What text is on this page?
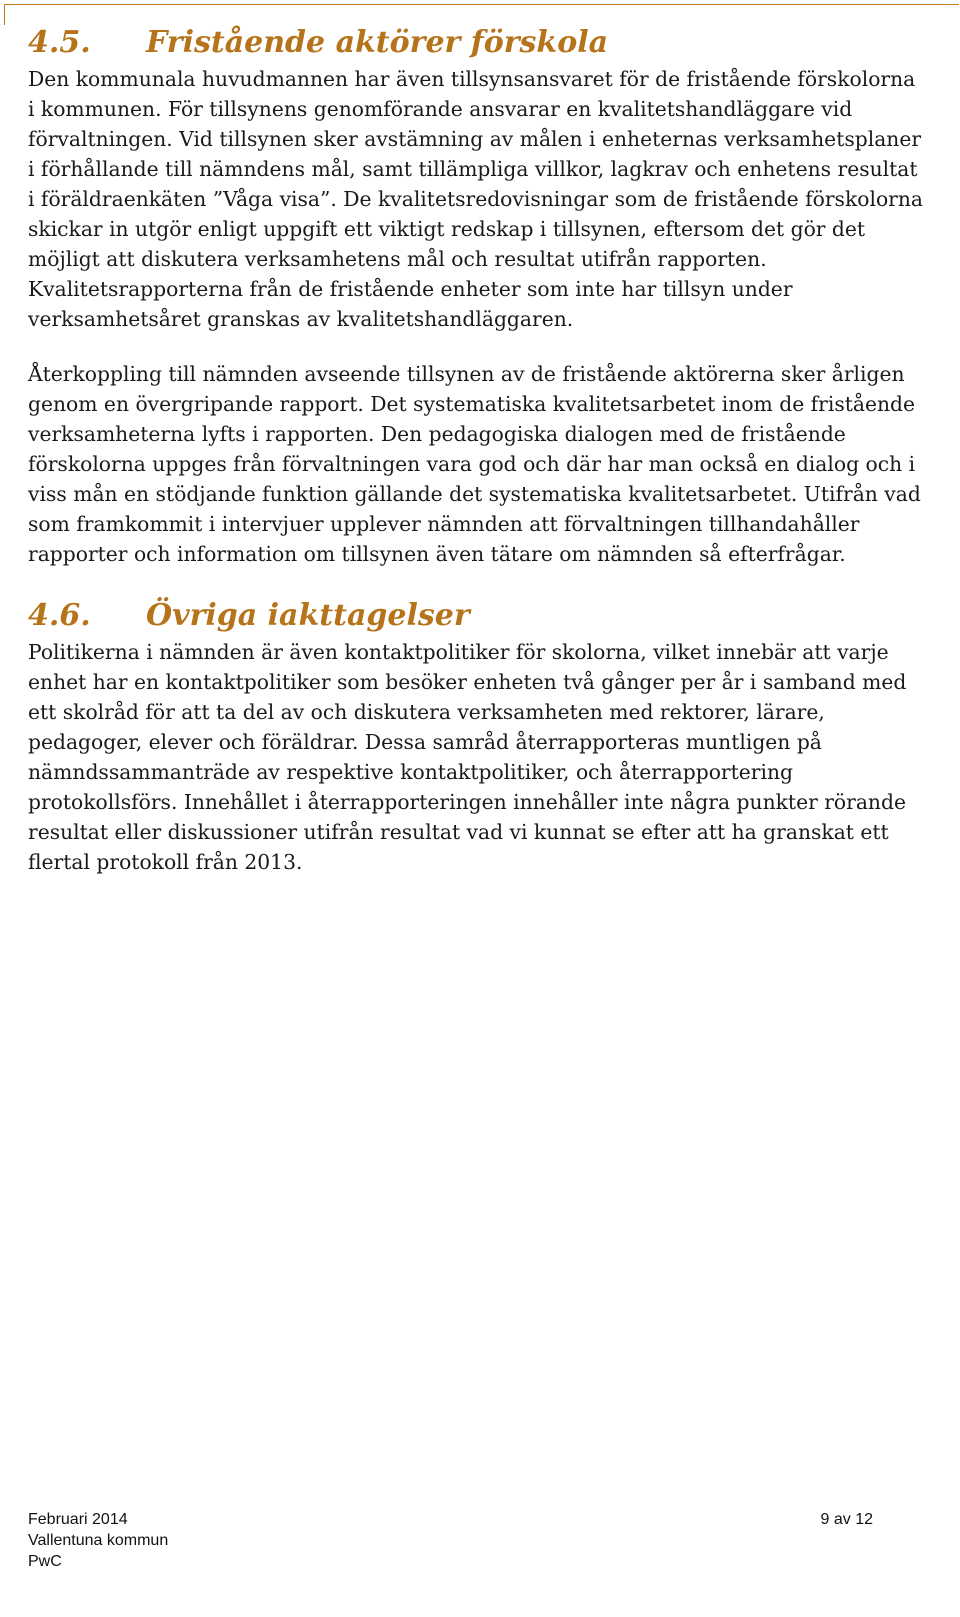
4.5. Fristående aktörer förskola

Den kommunala huvudmannen har även tillsynsansvaret för de fristående förskolorna i kommunen. För tillsynens genomförande ansvarar en kvalitetshandläggare vid förvaltningen. Vid tillsynen sker avstämning av målen i enheternas verksamhetsplaner i förhållande till nämndens mål, samt tillämpliga villkor, lagkrav och enhetens resultat i föräldraenkäten ”Våga visa”. De kvalitetsredovisningar som de fristående förskolorna skickar in utgör enligt uppgift ett viktigt redskap i tillsynen, eftersom det gör det möjligt att diskutera verksamhetens mål och resultat utifrån rapporten. Kvalitetsrapporterna från de fristående enheter som inte har tillsyn under verksamhetsåret granskas av kvalitetshandläggaren.

Återkoppling till nämnden avseende tillsynen av de fristående aktörerna sker årligen genom en övergripande rapport. Det systematiska kvalitetsarbetet inom de fristående verksamheterna lyfts i rapporten. Den pedagogiska dialogen med de fristående förskolorna uppges från förvaltningen vara god och där har man också en dialog och i viss mån en stödjande funktion gällande det systematiska kvalitetsarbetet. Utifrån vad som framkommit i intervjuer upplever nämnden att förvaltningen tillhandahåller rapporter och information om tillsynen även tätare om nämnden så efterfrågar.

4.6. Övriga iakttagelser

Politikerna i nämnden är även kontaktpolitiker för skolorna, vilket innebär att varje enhet har en kontaktpolitiker som besöker enheten två gånger per år i samband med ett skolråd för att ta del av och diskutera verksamheten med rektorer, lärare, pedagoger, elever och föräldrar. Dessa samråd återrapporteras muntligen på nämndssammanträde av respektive kontaktpolitiker, och återrapportering protokollsförs. Innehållet i återrapporteringen innehåller inte några punkter rörande resultat eller diskussioner utifrån resultat vad vi kunnat se efter att ha granskat ett flertal protokoll från 2013.

Februari 2014
Vallentuna kommun
PwC
9 av 12
